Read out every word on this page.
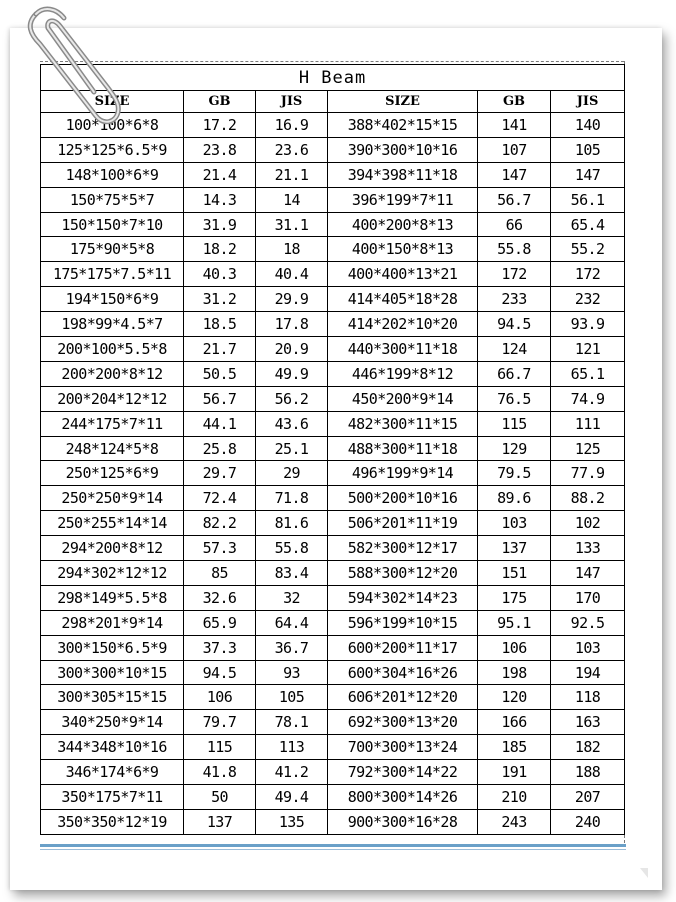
H Beam					
SIZE	GB	JIS	SIZE	GB	JIS
100*100*6*8	17.2	16.9	388*402*15*15	141	140
125*125*6.5*9	23.8	23.6	390*300*10*16	107	105
148*100*6*9	21.4	21.1	394*398*11*18	147	147
150*75*5*7	14.3	14	396*199*7*11	56.7	56.1
150*150*7*10	31.9	31.1	400*200*8*13	66	65.4
175*90*5*8	18.2	18	400*150*8*13	55.8	55.2
175*175*7.5*11	40.3	40.4	400*400*13*21	172	172
194*150*6*9	31.2	29.9	414*405*18*28	233	232
198*99*4.5*7	18.5	17.8	414*202*10*20	94.5	93.9
200*100*5.5*8	21.7	20.9	440*300*11*18	124	121
200*200*8*12	50.5	49.9	446*199*8*12	66.7	65.1
200*204*12*12	56.7	56.2	450*200*9*14	76.5	74.9
244*175*7*11	44.1	43.6	482*300*11*15	115	111
248*124*5*8	25.8	25.1	488*300*11*18	129	125
250*125*6*9	29.7	29	496*199*9*14	79.5	77.9
250*250*9*14	72.4	71.8	500*200*10*16	89.6	88.2
250*255*14*14	82.2	81.6	506*201*11*19	103	102
294*200*8*12	57.3	55.8	582*300*12*17	137	133
294*302*12*12	85	83.4	588*300*12*20	151	147
298*149*5.5*8	32.6	32	594*302*14*23	175	170
298*201*9*14	65.9	64.4	596*199*10*15	95.1	92.5
300*150*6.5*9	37.3	36.7	600*200*11*17	106	103
300*300*10*15	94.5	93	600*304*16*26	198	194
300*305*15*15	106	105	606*201*12*20	120	118
340*250*9*14	79.7	78.1	692*300*13*20	166	163
344*348*10*16	115	113	700*300*13*24	185	182
346*174*6*9	41.8	41.2	792*300*14*22	191	188
350*175*7*11	50	49.4	800*300*14*26	210	207
350*350*12*19	137	135	900*300*16*28	243	240
